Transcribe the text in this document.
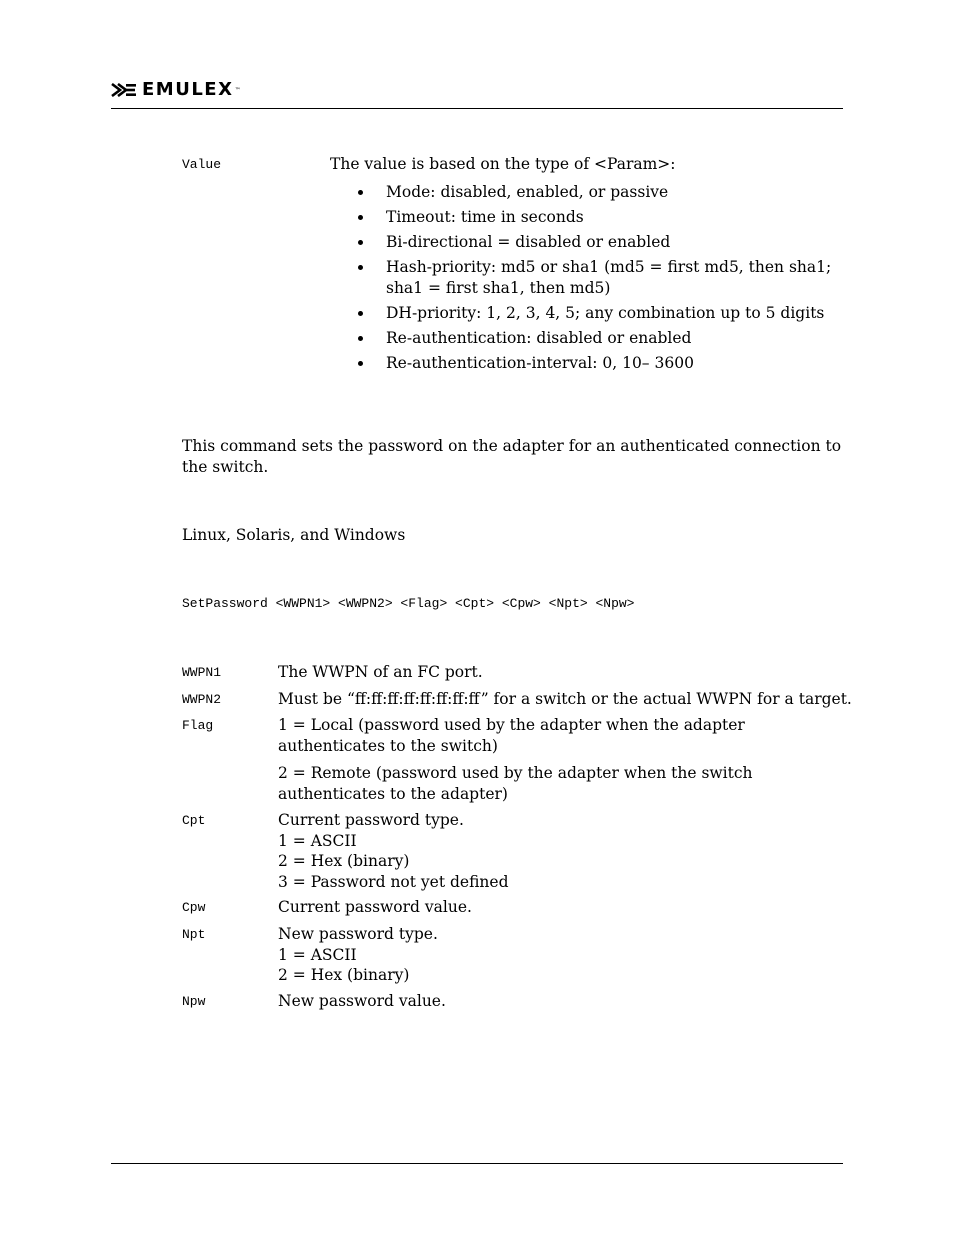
EMULEX ™
Value	The value is based on the type of <Param>:
Mode: disabled, enabled, or passive
Timeout: time in seconds
Bi-directional = disabled or enabled
Hash-priority: md5 or sha1 (md5 = first md5, then sha1; sha1 = first sha1, then md5)
DH-priority: 1, 2, 3, 4, 5; any combination up to 5 digits
Re-authentication: disabled or enabled
Re-authentication-interval: 0, 10– 3600
This command sets the password on the adapter for an authenticated connection to the switch.
Linux, Solaris, and Windows
SetPassword <WWPN1> <WWPN2> <Flag> <Cpt> <Cpw> <Npt> <Npw>
WWPN1	The WWPN of an FC port.
WWPN2	Must be “ff:ff:ff:ff:ff:ff:ff:ff” for a switch or the actual WWPN for a target.
Flag	1 = Local (password used by the adapter when the adapter authenticates to the switch)
2 = Remote (password used by the adapter when the switch authenticates to the adapter)
Cpt	Current password type.
1 = ASCII
2 = Hex (binary)
3 = Password not yet defined
Cpw	Current password value.
Npt	New password type.
1 = ASCII
2 = Hex (binary)
Npw	New password value.
